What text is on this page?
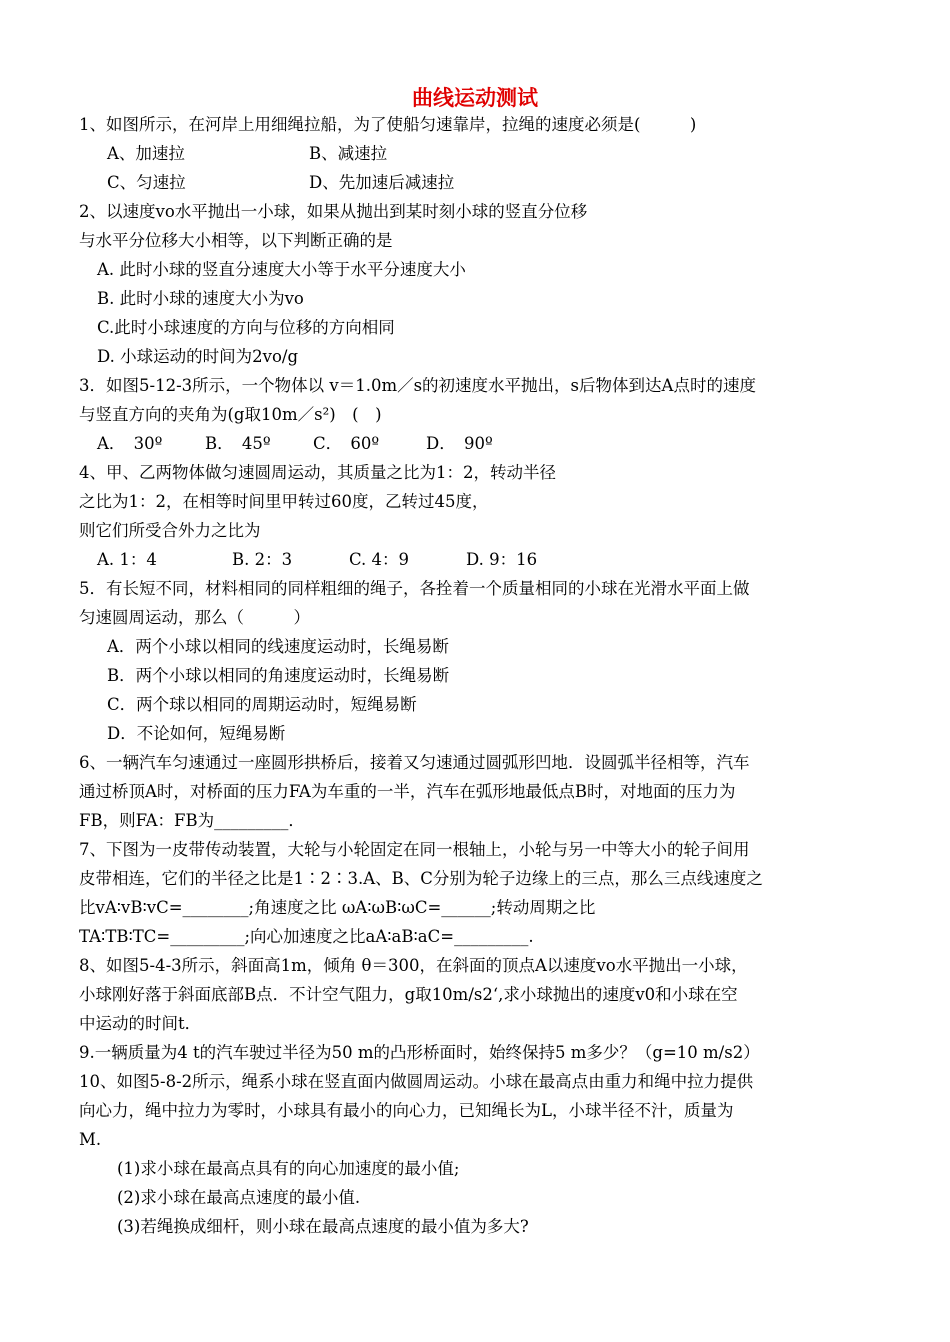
曲线运动测试
1、如图所示，在河岸上用细绳拉船，为了使船匀速靠岸，拉绳的速度必须是(　　　)
A、加速拉	B、减速拉
C、匀速拉	D、先加速后减速拉
2、以速度vo水平抛出一小球，如果从抛出到某时刻小球的竖直分位移
与水平分位移大小相等，以下判断正确的是
A. 此时小球的竖直分速度大小等于水平分速度大小
B. 此时小球的速度大小为vo
C.此时小球速度的方向与位移的方向相同
D. 小球运动的时间为2vo/g
3．如图5-12-3所示，一个物体以 v＝1.0m／s的初速度水平抛出，s后物体到达A点时的速度
与竖直方向的夹角为(g取10m／s²)　(　)
A．　30º	B．　45º	C．　60º	D．　90º
4、甲、乙两物体做匀速圆周运动，其质量之比为1：2，转动半径
之比为1：2，在相等时间里甲转过60度，乙转过45度，
则它们所受合外力之比为
A. 1：4	B. 2：3	C. 4：9	D. 9：16
5．有长短不同，材料相同的同样粗细的绳子，各拴着一个质量相同的小球在光滑水平面上做
匀速圆周运动，那么（　　　）
A．两个小球以相同的线速度运动时，长绳易断
B．两个小球以相同的角速度运动时，长绳易断
C．两个球以相同的周期运动时，短绳易断
D．不论如何，短绳易断
6、一辆汽车匀速通过一座圆形拱桥后，接着又匀速通过圆弧形凹地．设圆弧半径相等，汽车
通过桥顶A时，对桥面的压力FA为车重的一半，汽车在弧形地最低点B时，对地面的压力为
FB，则FA：FB为_________．
7、下图为一皮带传动装置，大轮与小轮固定在同一根轴上，小轮与另一中等大小的轮子间用
皮带相连，它们的半径之比是1∶2∶3.A、B、C分别为轮子边缘上的三点，那么三点线速度之
比vA∶vB∶vC=________;角速度之比 ωA∶ωB∶ωC=______;转动周期之比
TA∶TB∶TC=_________;向心加速度之比aA∶aB∶aC=_________.
8、如图5-4-3所示，斜面高1m，倾角 θ＝300，在斜面的顶点A以速度vo水平抛出一小球，
小球刚好落于斜面底部B点．不计空气阻力，g取10m/s2‘,求小球抛出的速度v0和小球在空
中运动的时间t．
9.一辆质量为4 t的汽车驶过半径为50 m的凸形桥面时，始终保持5 m多少？（g=10 m/s2）
10、如图5-8-2所示，绳系小球在竖直面内做圆周运动。小球在最高点由重力和绳中拉力提供
向心力，绳中拉力为零时，小球具有最小的向心力，已知绳长为L，小球半径不汁，质量为
M.
(1)求小球在最高点具有的向心加速度的最小值;
(2)求小球在最高点速度的最小值.
(3)若绳换成细杆，则小球在最高点速度的最小值为多大?
